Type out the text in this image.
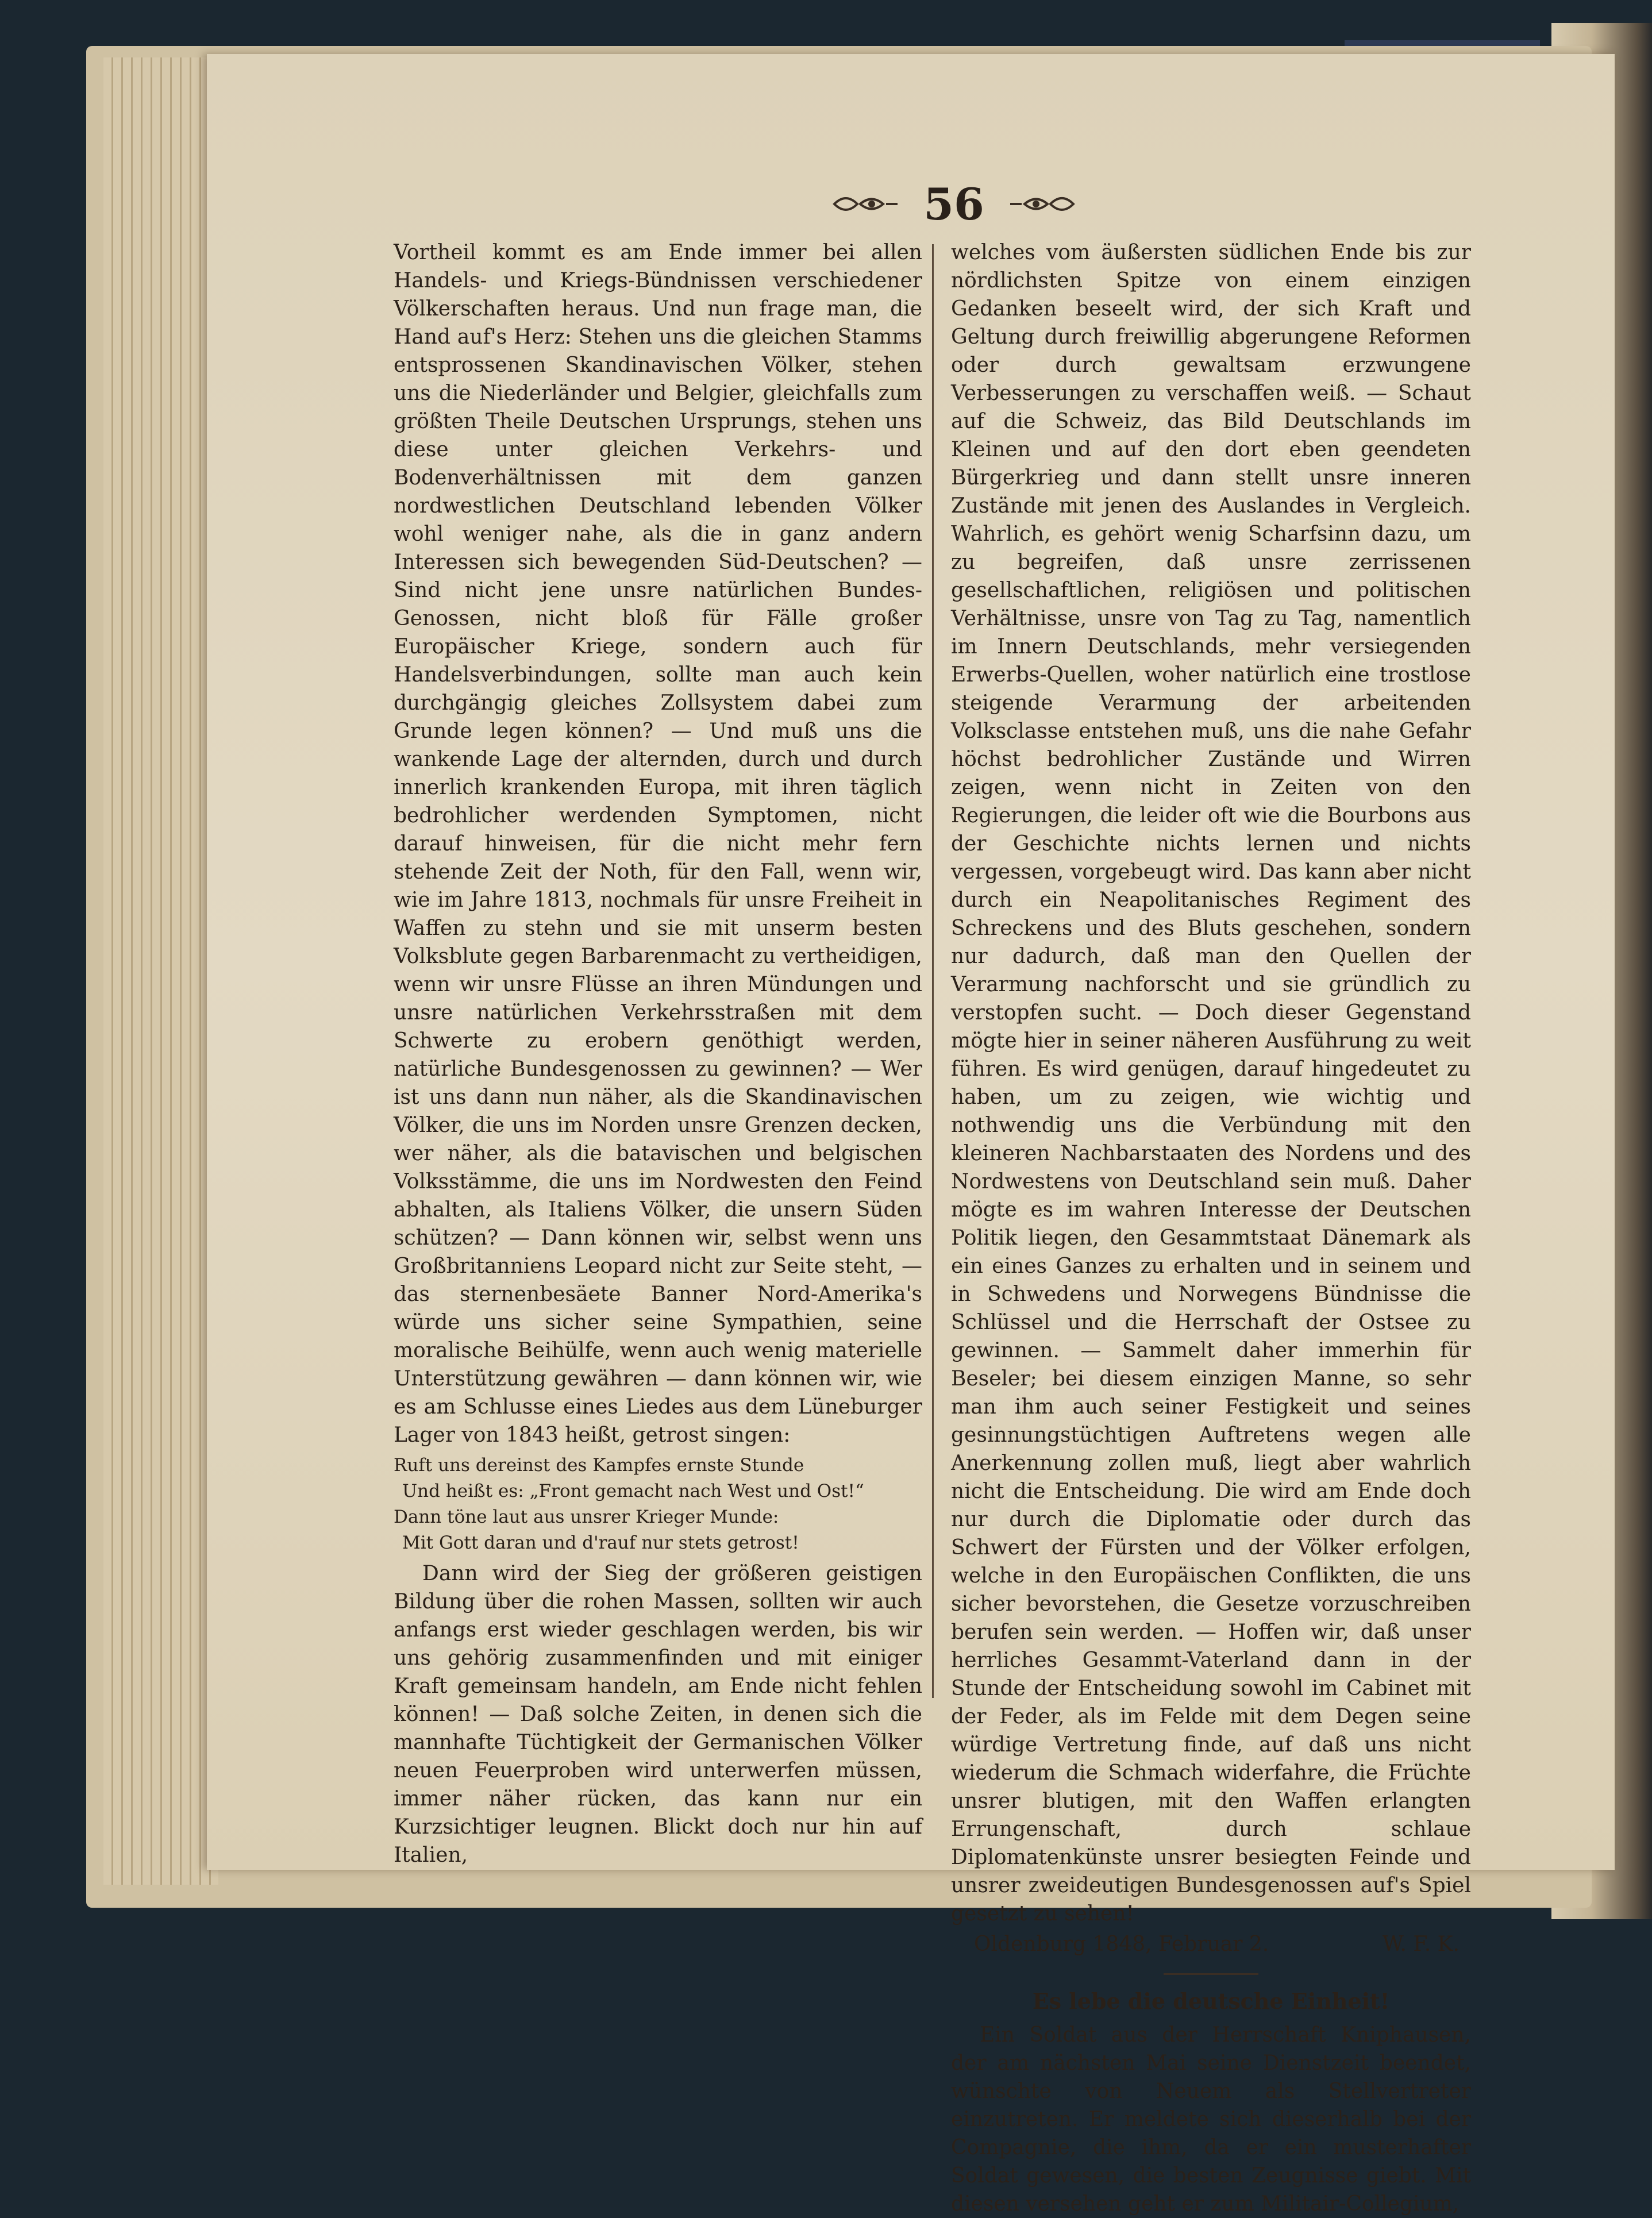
56

Vortheil kommt es am Ende immer bei allen Handels- und Kriegs-Bündnissen verschiedener Völkerschaften heraus. Und nun frage man, die Hand auf's Herz: Stehen uns die gleichen Stamms entsprossenen Skandinavischen Völker, stehen uns die Niederländer und Belgier, gleichfalls zum größten Theile Deutschen Ursprungs, stehen uns diese unter gleichen Verkehrs- und Bodenverhältnissen mit dem ganzen nordwestlichen Deutschland lebenden Völker wohl weniger nahe, als die in ganz andern Interessen sich bewegenden Süd-Deutschen? — Sind nicht jene unsre natürlichen Bundes-Genossen, nicht bloß für Fälle großer Europäischer Kriege, sondern auch für Handelsverbindungen, sollte man auch kein durchgängig gleiches Zollsystem dabei zum Grunde legen können? — Und muß uns die wankende Lage der alternden, durch und durch innerlich krankenden Europa, mit ihren täglich bedrohlicher werdenden Symptomen, nicht darauf hinweisen, für die nicht mehr fern stehende Zeit der Noth, für den Fall, wenn wir, wie im Jahre 1813, nochmals für unsre Freiheit in Waffen zu stehn und sie mit unserm besten Volksblute gegen Barbarenmacht zu vertheidigen, wenn wir unsre Flüsse an ihren Mündungen und unsre natürlichen Verkehrsstraßen mit dem Schwerte zu erobern genöthigt werden, natürliche Bundesgenossen zu gewinnen? — Wer ist uns dann nun näher, als die Skandinavischen Völker, die uns im Norden unsre Grenzen decken, wer näher, als die batavischen und belgischen Volksstämme, die uns im Nordwesten den Feind abhalten, als Italiens Völker, die unsern Süden schützen? — Dann können wir, selbst wenn uns Großbritanniens Leopard nicht zur Seite steht, — das sternenbesäete Banner Nord-Amerika's würde uns sicher seine Sympathien, seine moralische Beihülfe, wenn auch wenig materielle Unterstützung gewähren — dann können wir, wie es am Schlusse eines Liedes aus dem Lüneburger Lager von 1843 heißt, getrost singen:

Ruft uns dereinst des Kampfes ernste Stunde
Und heißt es: „Front gemacht nach West und Ost!“
Dann töne laut aus unsrer Krieger Munde:
Mit Gott daran und d'rauf nur stets getrost!

Dann wird der Sieg der größeren geistigen Bildung über die rohen Massen, sollten wir auch anfangs erst wieder geschlagen werden, bis wir uns gehörig zusammenfinden und mit einiger Kraft gemeinsam handeln, am Ende nicht fehlen können! — Daß solche Zeiten, in denen sich die mannhafte Tüchtigkeit der Germanischen Völker neuen Feuerproben wird unterwerfen müssen, immer näher rücken, das kann nur ein Kurzsichtiger leugnen. Blickt doch nur hin auf Italien,

welches vom äußersten südlichen Ende bis zur nördlichsten Spitze von einem einzigen Gedanken beseelt wird, der sich Kraft und Geltung durch freiwillig abgerungene Reformen oder durch gewaltsam erzwungene Verbesserungen zu verschaffen weiß. — Schaut auf die Schweiz, das Bild Deutschlands im Kleinen und auf den dort eben geendeten Bürgerkrieg und dann stellt unsre inneren Zustände mit jenen des Auslandes in Vergleich. Wahrlich, es gehört wenig Scharfsinn dazu, um zu begreifen, daß unsre zerrissenen gesellschaftlichen, religiösen und politischen Verhältnisse, unsre von Tag zu Tag, namentlich im Innern Deutschlands, mehr versiegenden Erwerbs-Quellen, woher natürlich eine trostlose steigende Verarmung der arbeitenden Volksclasse entstehen muß, uns die nahe Gefahr höchst bedrohlicher Zustände und Wirren zeigen, wenn nicht in Zeiten von den Regierungen, die leider oft wie die Bourbons aus der Geschichte nichts lernen und nichts vergessen, vorgebeugt wird. Das kann aber nicht durch ein Neapolitanisches Regiment des Schreckens und des Bluts geschehen, sondern nur dadurch, daß man den Quellen der Verarmung nachforscht und sie gründlich zu verstopfen sucht. — Doch dieser Gegenstand mögte hier in seiner näheren Ausführung zu weit führen. Es wird genügen, darauf hingedeutet zu haben, um zu zeigen, wie wichtig und nothwendig uns die Verbündung mit den kleineren Nachbarstaaten des Nordens und des Nordwestens von Deutschland sein muß. Daher mögte es im wahren Interesse der Deutschen Politik liegen, den Gesammtstaat Dänemark als ein eines Ganzes zu erhalten und in seinem und in Schwedens und Norwegens Bündnisse die Schlüssel und die Herrschaft der Ostsee zu gewinnen. — Sammelt daher immerhin für Beseler; bei diesem einzigen Manne, so sehr man ihm auch seiner Festigkeit und seines gesinnungstüchtigen Auftretens wegen alle Anerkennung zollen muß, liegt aber wahrlich nicht die Entscheidung. Die wird am Ende doch nur durch die Diplomatie oder durch das Schwert der Fürsten und der Völker erfolgen, welche in den Europäischen Conflikten, die uns sicher bevorstehen, die Gesetze vorzuschreiben berufen sein werden. — Hoffen wir, daß unser herrliches Gesammt-Vaterland dann in der Stunde der Entscheidung sowohl im Cabinet mit der Feder, als im Felde mit dem Degen seine würdige Vertretung finde, auf daß uns nicht wiederum die Schmach widerfahre, die Früchte unsrer blutigen, mit den Waffen erlangten Errungenschaft, durch schlaue Diplomatenkünste unsrer besiegten Feinde und unsrer zweideutigen Bundesgenossen auf's Spiel gesetzt zu sehen!

Oldenburg 1848, Februar 2.	W. F. K.
Es lebe die deutsche Einheit!

Ein Soldat aus der Herrschaft Kniphausen, der am nächsten Mai seine Dienstzeit beendet, wünschte von Neuem als Stellvertreter einzutreten. Er meldete sich dieserhalb bei der Compagnie, die ihm, da er ein musterhafter Soldat gewesen, die besten Zeugnisse giebt. Mit diesen versehen geht er zum Militair-Collegium,
